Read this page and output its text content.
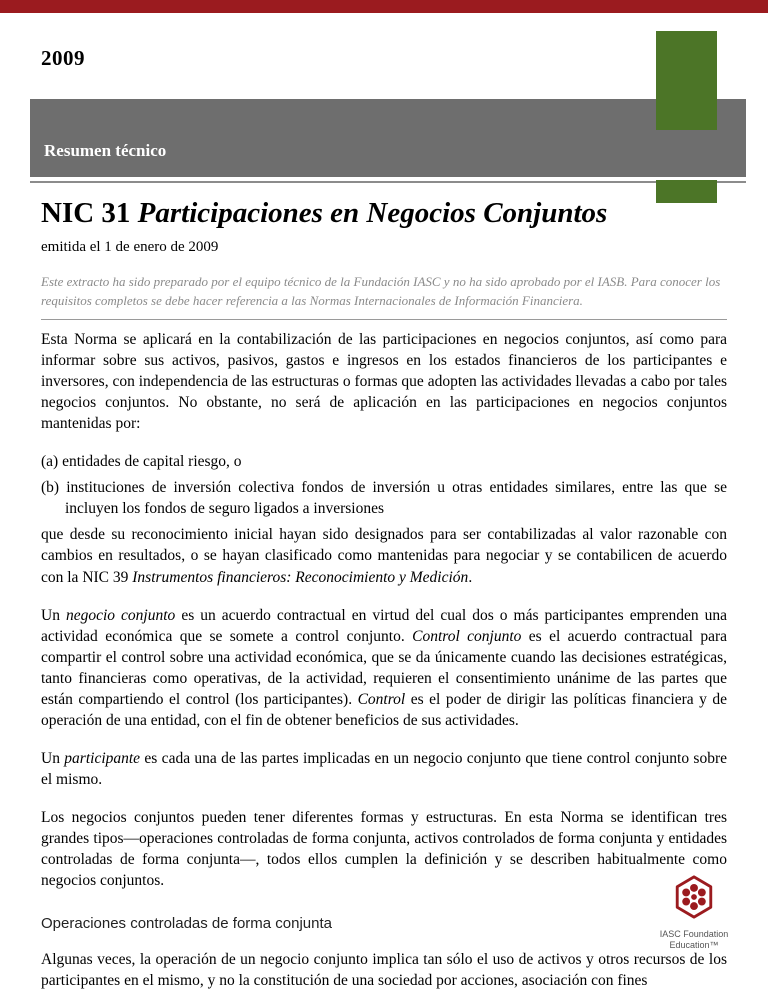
2009
Resumen técnico
NIC 31 Participaciones en Negocios Conjuntos
emitida el 1 de enero de 2009
Este extracto ha sido preparado por el equipo técnico de la Fundación IASC y no ha sido aprobado por el IASB. Para conocer los requisitos completos se debe hacer referencia a las Normas Internacionales de Información Financiera.

Esta Norma se aplicará en la contabilización de las participaciones en negocios conjuntos, así como para informar sobre sus activos, pasivos, gastos e ingresos en los estados financieros de los participantes e inversores, con independencia de las estructuras o formas que adopten las actividades llevadas a cabo por tales negocios conjuntos. No obstante, no será de aplicación en las participaciones en negocios conjuntos mantenidas por:

(a) entidades de capital riesgo, o

(b) instituciones de inversión colectiva fondos de inversión u otras entidades similares, entre las que se incluyen los fondos de seguro ligados a inversiones

que desde su reconocimiento inicial hayan sido designados para ser contabilizadas al valor razonable con cambios en resultados, o se hayan clasificado como mantenidas para negociar y se contabilicen de acuerdo con la NIC 39 Instrumentos financieros: Reconocimiento y Medición.

Un negocio conjunto es un acuerdo contractual en virtud del cual dos o más participantes emprenden una actividad económica que se somete a control conjunto. Control conjunto es el acuerdo contractual para compartir el control sobre una actividad económica, que se da únicamente cuando las decisiones estratégicas, tanto financieras como operativas, de la actividad, requieren el consentimiento unánime de las partes que están compartiendo el control (los participantes). Control es el poder de dirigir las políticas financiera y de operación de una entidad, con el fin de obtener beneficios de sus actividades.

Un participante es cada una de las partes implicadas en un negocio conjunto que tiene control conjunto sobre el mismo.

Los negocios conjuntos pueden tener diferentes formas y estructuras. En esta Norma se identifican tres grandes tipos—operaciones controladas de forma conjunta, activos controlados de forma conjunta y entidades controladas de forma conjunta—, todos ellos cumplen la definición y se describen habitualmente como negocios conjuntos.

Operaciones controladas de forma conjunta

Algunas veces, la operación de un negocio conjunto implica tan sólo el uso de activos y otros recursos de los participantes en el mismo, y no la constitución de una sociedad por acciones, asociación con fines

IASC Foundation
Education™
